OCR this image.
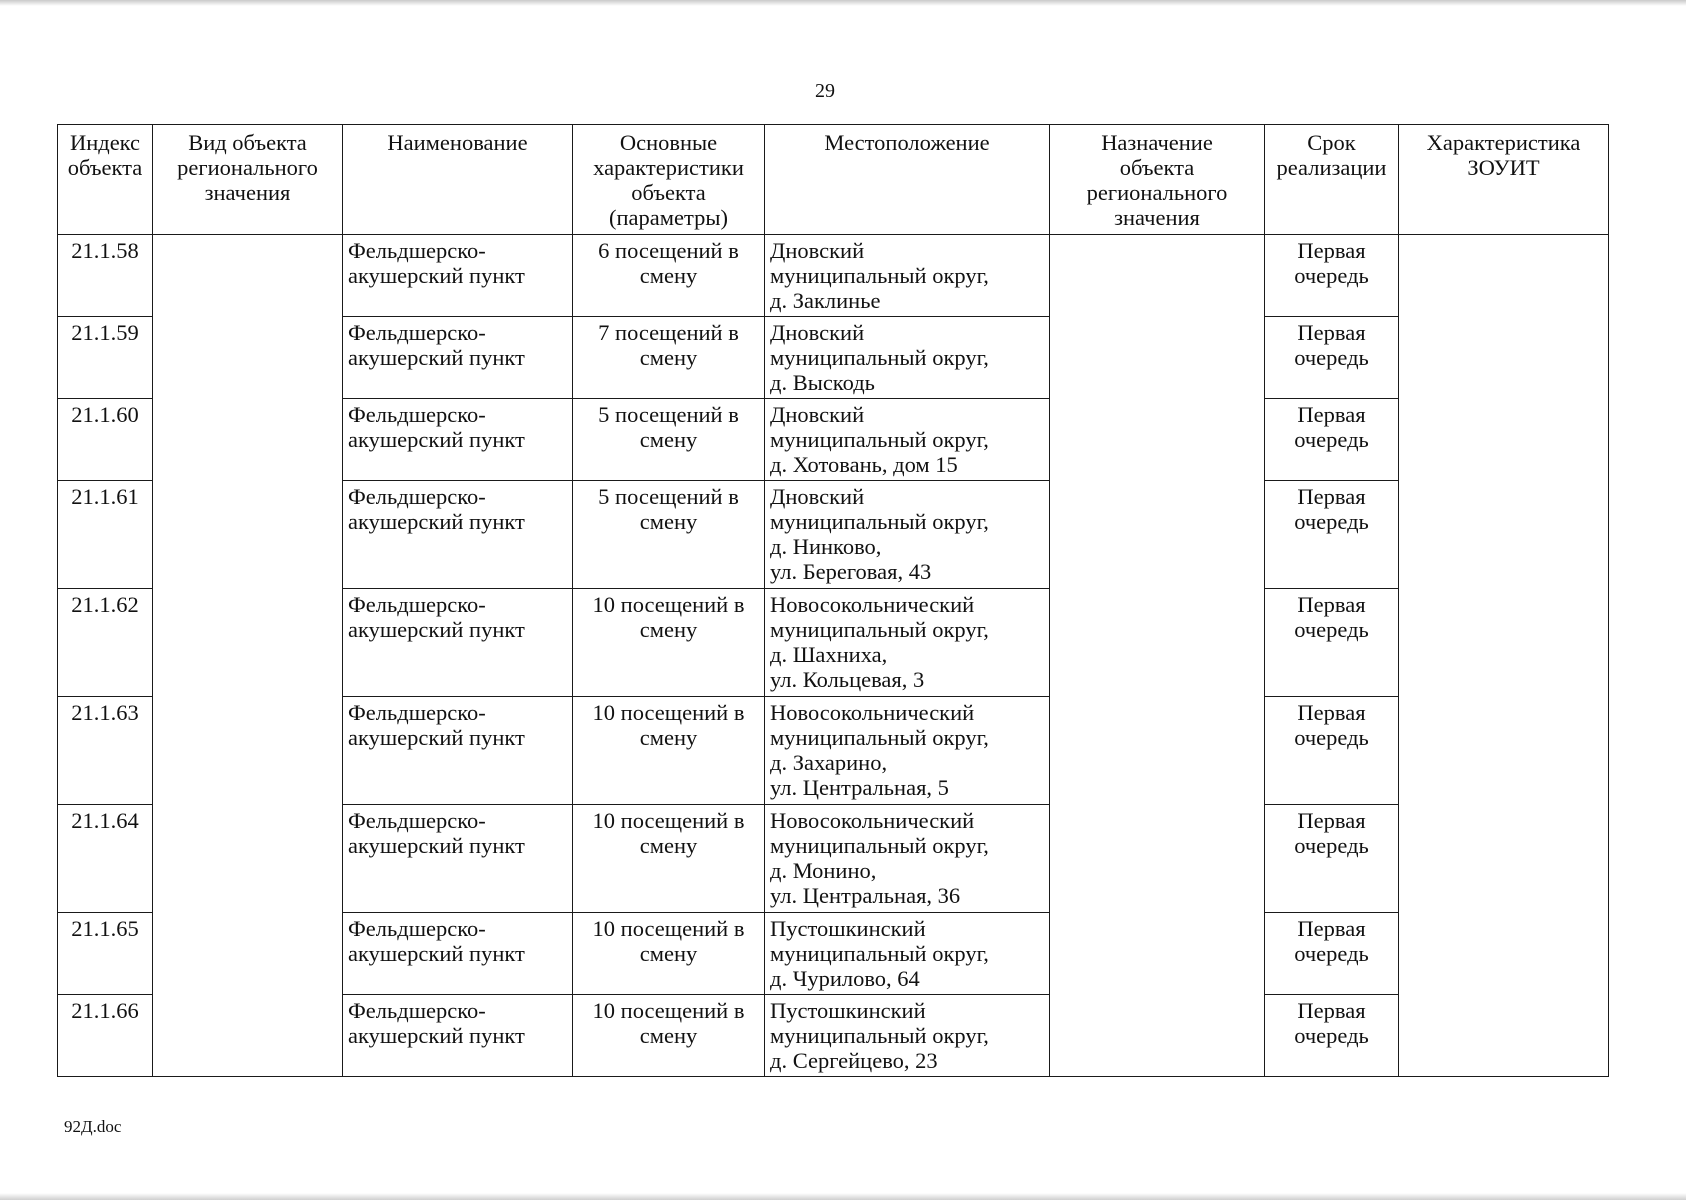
29
Индекс
объекта	Вид объекта
регионального
значения	Наименование	Основные
характеристики
объекта
(параметры)	Местоположение	Назначение
объекта
регионального
значения	Срок
реализации	Характеристика
ЗОУИТ

21.1.58		Фельдшерско-
акушерский пункт	6 посещений в
смену	Дновский
муниципальный округ,
д. Заклинье		Первая
очередь	

21.1.59		Фельдшерско-
акушерский пункт	7 посещений в
смену	Дновский
муниципальный округ,
д. Выскодь		Первая
очередь	

21.1.60		Фельдшерско-
акушерский пункт	5 посещений в
смену	Дновский
муниципальный округ,
д. Хотовань, дом 15		Первая
очередь	

21.1.61		Фельдшерско-
акушерский пункт	5 посещений в
смену	Дновский
муниципальный округ,
д. Нинково,
ул. Береговая, 43		Первая
очередь	

21.1.62		Фельдшерско-
акушерский пункт	10 посещений в
смену	Новосокольнический
муниципальный округ,
д. Шахниха,
ул. Кольцевая, 3		Первая
очередь	

21.1.63		Фельдшерско-
акушерский пункт	10 посещений в
смену	Новосокольнический
муниципальный округ,
д. Захарино,
ул. Центральная, 5		Первая
очередь	

21.1.64		Фельдшерско-
акушерский пункт	10 посещений в
смену	Новосокольнический
муниципальный округ,
д. Монино,
ул. Центральная, 36		Первая
очередь	

21.1.65		Фельдшерско-
акушерский пункт	10 посещений в
смену	Пустошкинский
муниципальный округ,
д. Чурилово, 64		Первая
очередь	

21.1.66		Фельдшерско-
акушерский пункт	10 посещений в
смену	Пустошкинский
муниципальный округ,
д. Сергейцево, 23		Первая
очередь	
92Д.doc
